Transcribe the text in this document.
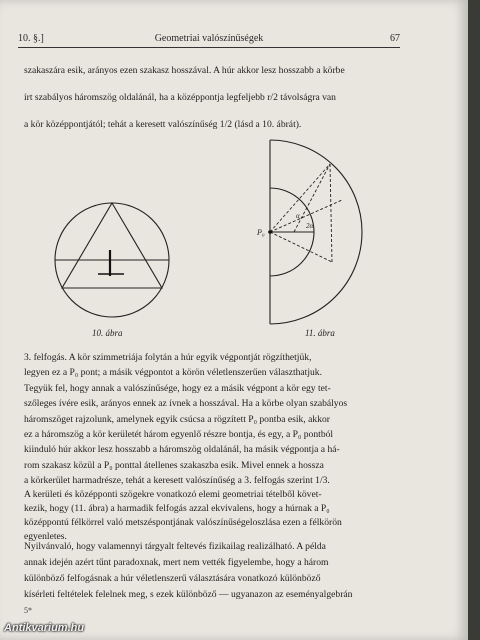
10. §.]	Geometriai valószínűségek	67
szakaszára esik, arányos ezen szakasz hosszával. A húr akkor lesz hosszabb a körbe
írt szabályos háromszög oldalánál, ha a középpontja legfeljebb r/2 távolságra van
a kör középpontjától; tehát a keresett valószínűség 1/2 (lásd a 10. ábrát).
10. ábra
P₀
α
2α
11. ábra
3. felfogás. A kör szimmetriája folytán a húr egyik végpontját rögzíthetjük,
legyen ez a P₀ pont; a másik végpontot a körön véletlenszerűen választhatjuk.
Tegyük fel, hogy annak a valószínűsége, hogy ez a másik végpont a kör egy tet-
szőleges ívére esik, arányos ennek az ívnek a hosszával. Ha a körbe olyan szabályos
háromszöget rajzolunk, amelynek egyik csúcsa a rögzített P₀ pontba esik, akkor
ez a háromszög a kör kerületét három egyenlő részre bontja, és egy, a P₀ pontból
kiinduló húr akkor lesz hosszabb a háromszög oldalánál, ha másik végpontja a há-
rom szakasz közül a P₀ ponttal átellenes szakaszba esik. Mivel ennek a hossza
a körkerület harmadrésze, tehát a keresett valószínűség a 3. felfogás szerint 1/3.
A kerületi és középponti szögekre vonatkozó elemi geometriai tételből követ-
kezik, hogy (11. ábra) a harmadik felfogás azzal ekvivalens, hogy a húrnak a P₀
középpontú félkörrel való metszéspontjának valószínűségeloszlása ezen a félkörön
egyenletes.
Nyilvánvaló, hogy valamennyi tárgyalt feltevés fizikailag realizálható. A példa
annak idején azért tűnt paradoxnak, mert nem vették figyelembe, hogy a három
különböző felfogásnak a húr véletlenszerű választására vonatkozó különböző
kísérleti feltételek felelnek meg, s ezek különböző — ugyanazon az eseményalgebrán
5*
Antikvarium.hu
